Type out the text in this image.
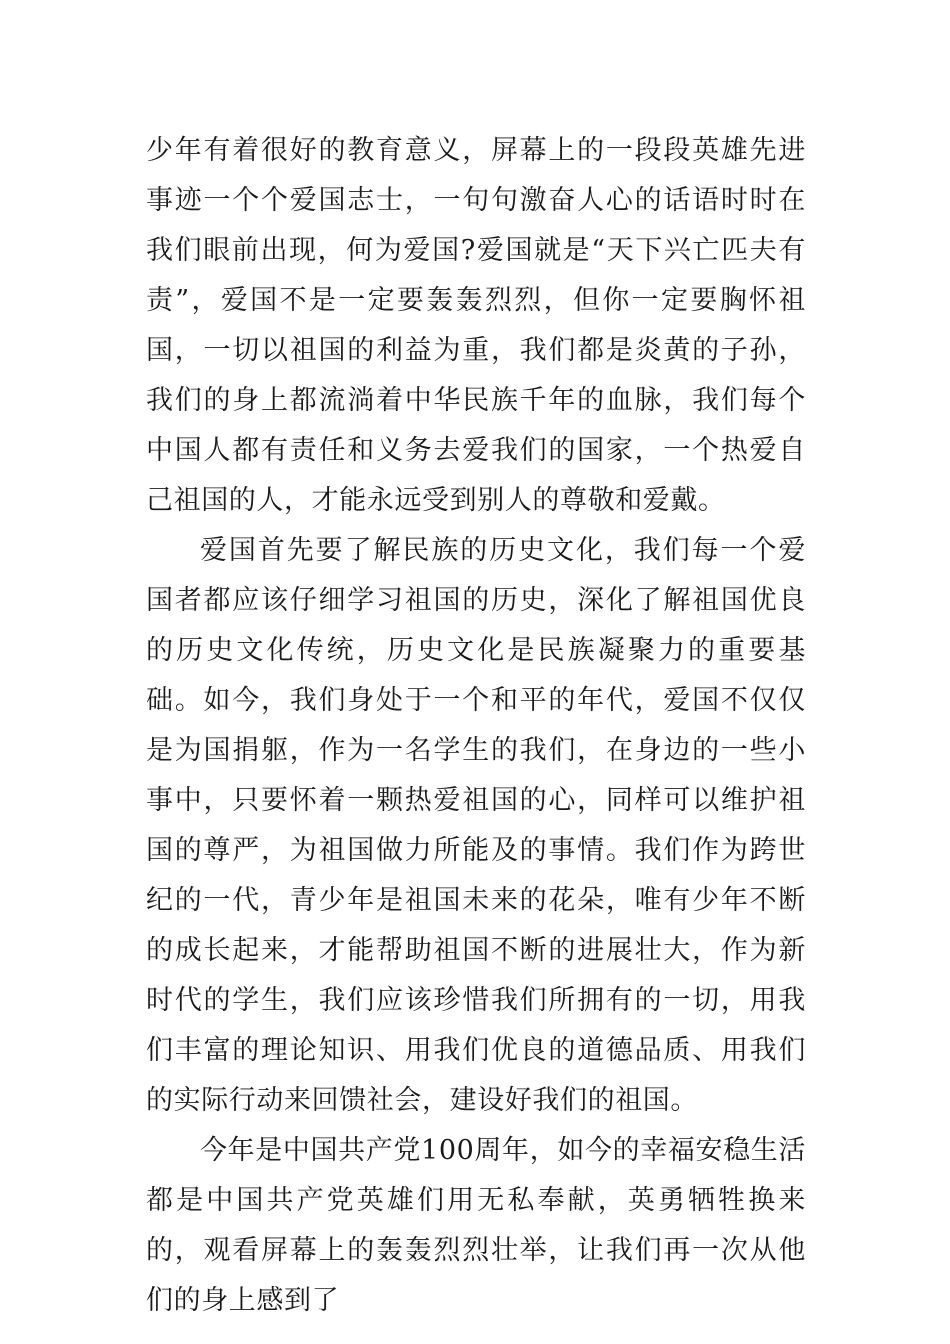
少年有着很好的教育意义，屏幕上的一段段英雄先进事迹一个个爱国志士，一句句激奋人心的话语时时在我们眼前出现，何为爱国?爱国就是“天下兴亡匹夫有责”，爱国不是一定要轰轰烈烈，但你一定要胸怀祖国，一切以祖国的利益为重，我们都是炎黄的子孙，我们的身上都流淌着中华民族千年的血脉，我们每个中国人都有责任和义务去爱我们的国家，一个热爱自己祖国的人，才能永远受到别人的尊敬和爱戴。

爱国首先要了解民族的历史文化，我们每一个爱国者都应该仔细学习祖国的历史，深化了解祖国优良的历史文化传统，历史文化是民族凝聚力的重要基础。如今，我们身处于一个和平的年代，爱国不仅仅是为国捐躯，作为一名学生的我们，在身边的一些小事中，只要怀着一颗热爱祖国的心，同样可以维护祖国的尊严，为祖国做力所能及的事情。我们作为跨世纪的一代，青少年是祖国未来的花朵，唯有少年不断的成长起来，才能帮助祖国不断的进展壮大，作为新时代的学生，我们应该珍惜我们所拥有的一切，用我们丰富的理论知识、用我们优良的道德品质、用我们的实际行动来回馈社会，建设好我们的祖国。

今年是中国共产党100周年，如今的幸福安稳生活都是中国共产党英雄们用无私奉献，英勇牺牲换来的，观看屏幕上的轰轰烈烈壮举，让我们再一次从他们的身上感到了
